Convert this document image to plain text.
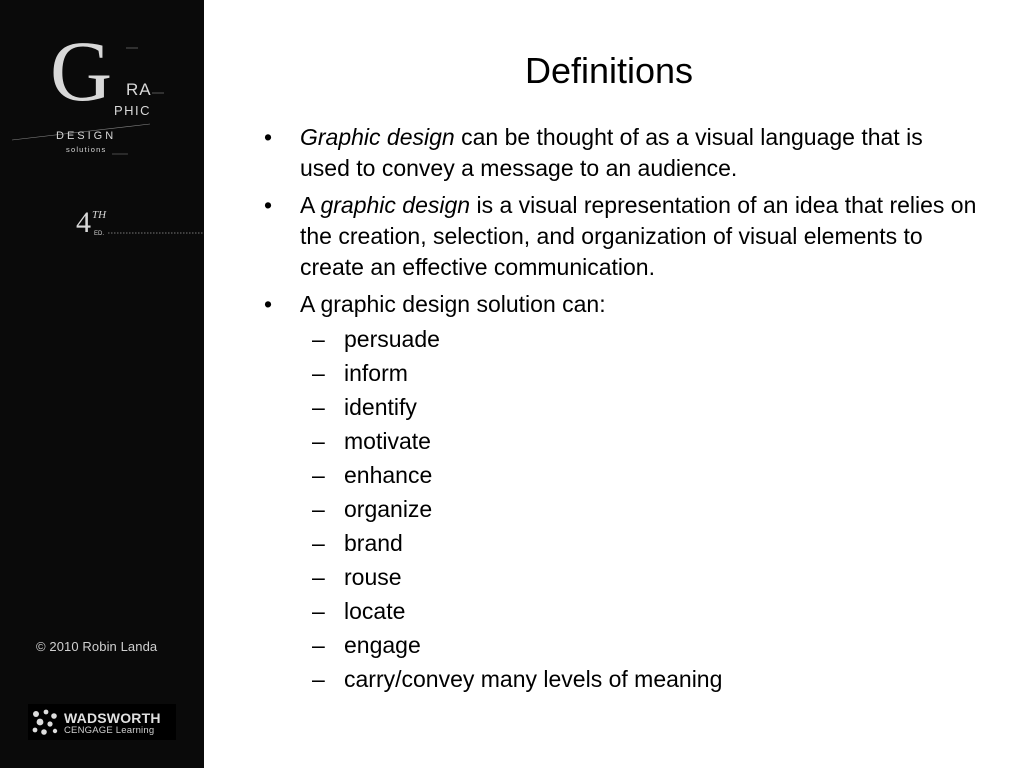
G RA
PHIC
DESIGN
solutions
4 TH
ED.
© 2010 Robin Landa
WADSWORTH
CENGAGE Learning
Definitions
• Graphic design can be thought of as a visual language that is used to convey a message to an audience.
• A graphic design is a visual representation of an idea that relies on the creation, selection, and organization of visual elements to create an effective communication.
• A graphic design solution can:
– persuade
– inform
– identify
– motivate
– enhance
– organize
– brand
– rouse
– locate
– engage
– carry/convey many levels of meaning
